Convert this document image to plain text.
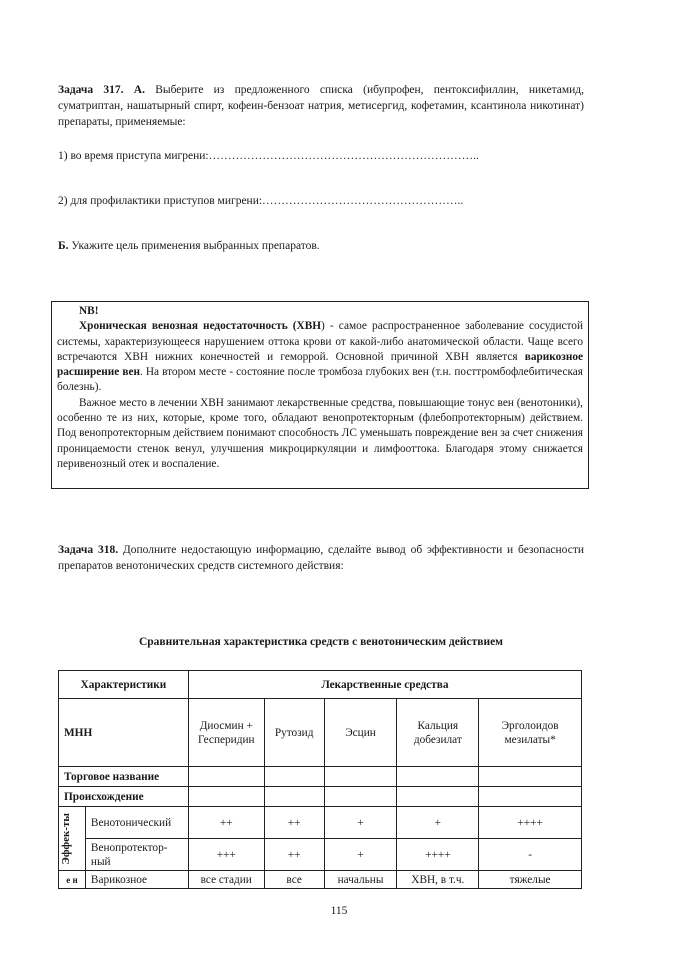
Задача 317. А. Выберите из предложенного списка (ибупрофен, пентоксифиллин, никетамид, суматриптан, нашатырный спирт, кофеин-бензоат натрия, метисергид, кофетамин, ксантинола никотинат) препараты, применяемые:
1) во время приступа мигрени:……………………………………………………………..
2) для профилактики приступов мигрени:……………………………………………..
Б. Укажите цель применения выбранных препаратов.

NB!

Хроническая венозная недостаточность (ХВН) - самое распространенное заболевание сосудистой системы, характеризующееся нарушением оттока крови от какой-либо анатомической области. Чаще всего встречаются ХВН нижних конечностей и геморрой. Основной причиной ХВН является варикозное расширение вен. На втором месте - состояние после тромбоза глубоких вен (т.н. посттромбофлебитическая болезнь).

Важное место в лечении ХВН занимают лекарственные средства, повышающие тонус вен (венотоники), особенно те из них, которые, кроме того, обладают венопротекторным (флебопротекторным) действием. Под венопротекторным действием понимают способность ЛС уменьшать повреждение вен за счет снижения проницаемости стенок венул, улучшения микроциркуляции и лимфооттока. Благодаря этому снижается перивенозный отек и воспаление.

Задача 318. Дополните недостающую информацию, сделайте вывод об эффективности и безопасности препаратов венотонических средств системного действия:
Сравнительная характеристика средств с венотоническим действием
Характеристики		Лекарственные средства				
МНН		Диосмин + Гесперидин	Рутозид	Эсцин	Кальция добезилат	Эрголоидов мезилаты*
Торговое название						
Происхождение						

Эффек-ты	Венотонический	++	++	+	+	++++
	Венопротектор-ный	+++	++	+	++++	-
е н	Варикозное	все стадии	все	начальны	ХВН, в т.ч.	тяжелые
115
